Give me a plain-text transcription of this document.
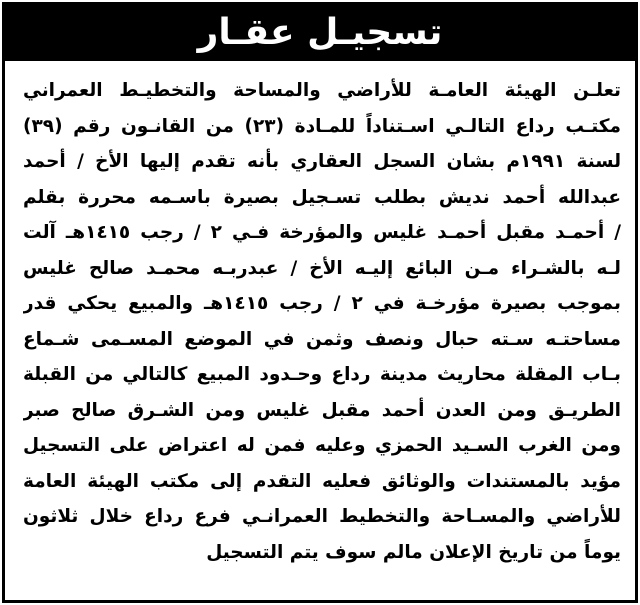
تسجيـل عقـار
تعلـن الهيئة العامـة للأراضي والمساحة والتخطيـط العمراني
مكتـب رداع التالـي اسـتناداً للمـادة (٢٣) من القانـون رقم (٣٩)
لسنة ١٩٩١م بشان السجل العقاري بأنه تقدم إليها الأخ / أحمد
عبدالله أحمد نديش بطلب تسـجيل بصيرة باسـمه محررة بقلم
/ أحمـد مقبل أحمـد غليس والمؤرخة فـي ٢ / رجب ١٤١٥هـ آلت
لـه بالشـراء مـن البائع إليـه الأخ / عبدربـه محمـد صالح غليس
بموجب بصيرة مؤرخـة في ٢ / رجب ١٤١٥هـ والمبيع يحكي قدر
مساحتـه سـته حبال ونصف وثمن في الموضع المسـمى شـماع
بـاب المقلة محاريث مدينة رداع وحـدود المبيع كالتالي من القبلة
الطريـق ومن العدن أحمد مقبل غليس ومن الشـرق صالح صبر
ومن الغرب السـيد الحمزي وعليه فمن له اعتراض على التسجيل
مؤيد بالمستندات والوثائق فعليه التقدم إلى مكتب الهيئة العامة
للأراضي والمسـاحة والتخطيط العمرانـي فرع رداع خلال ثلاثون
يوماً من تاريخ الإعلان مالم سوف يتم التسجيل
